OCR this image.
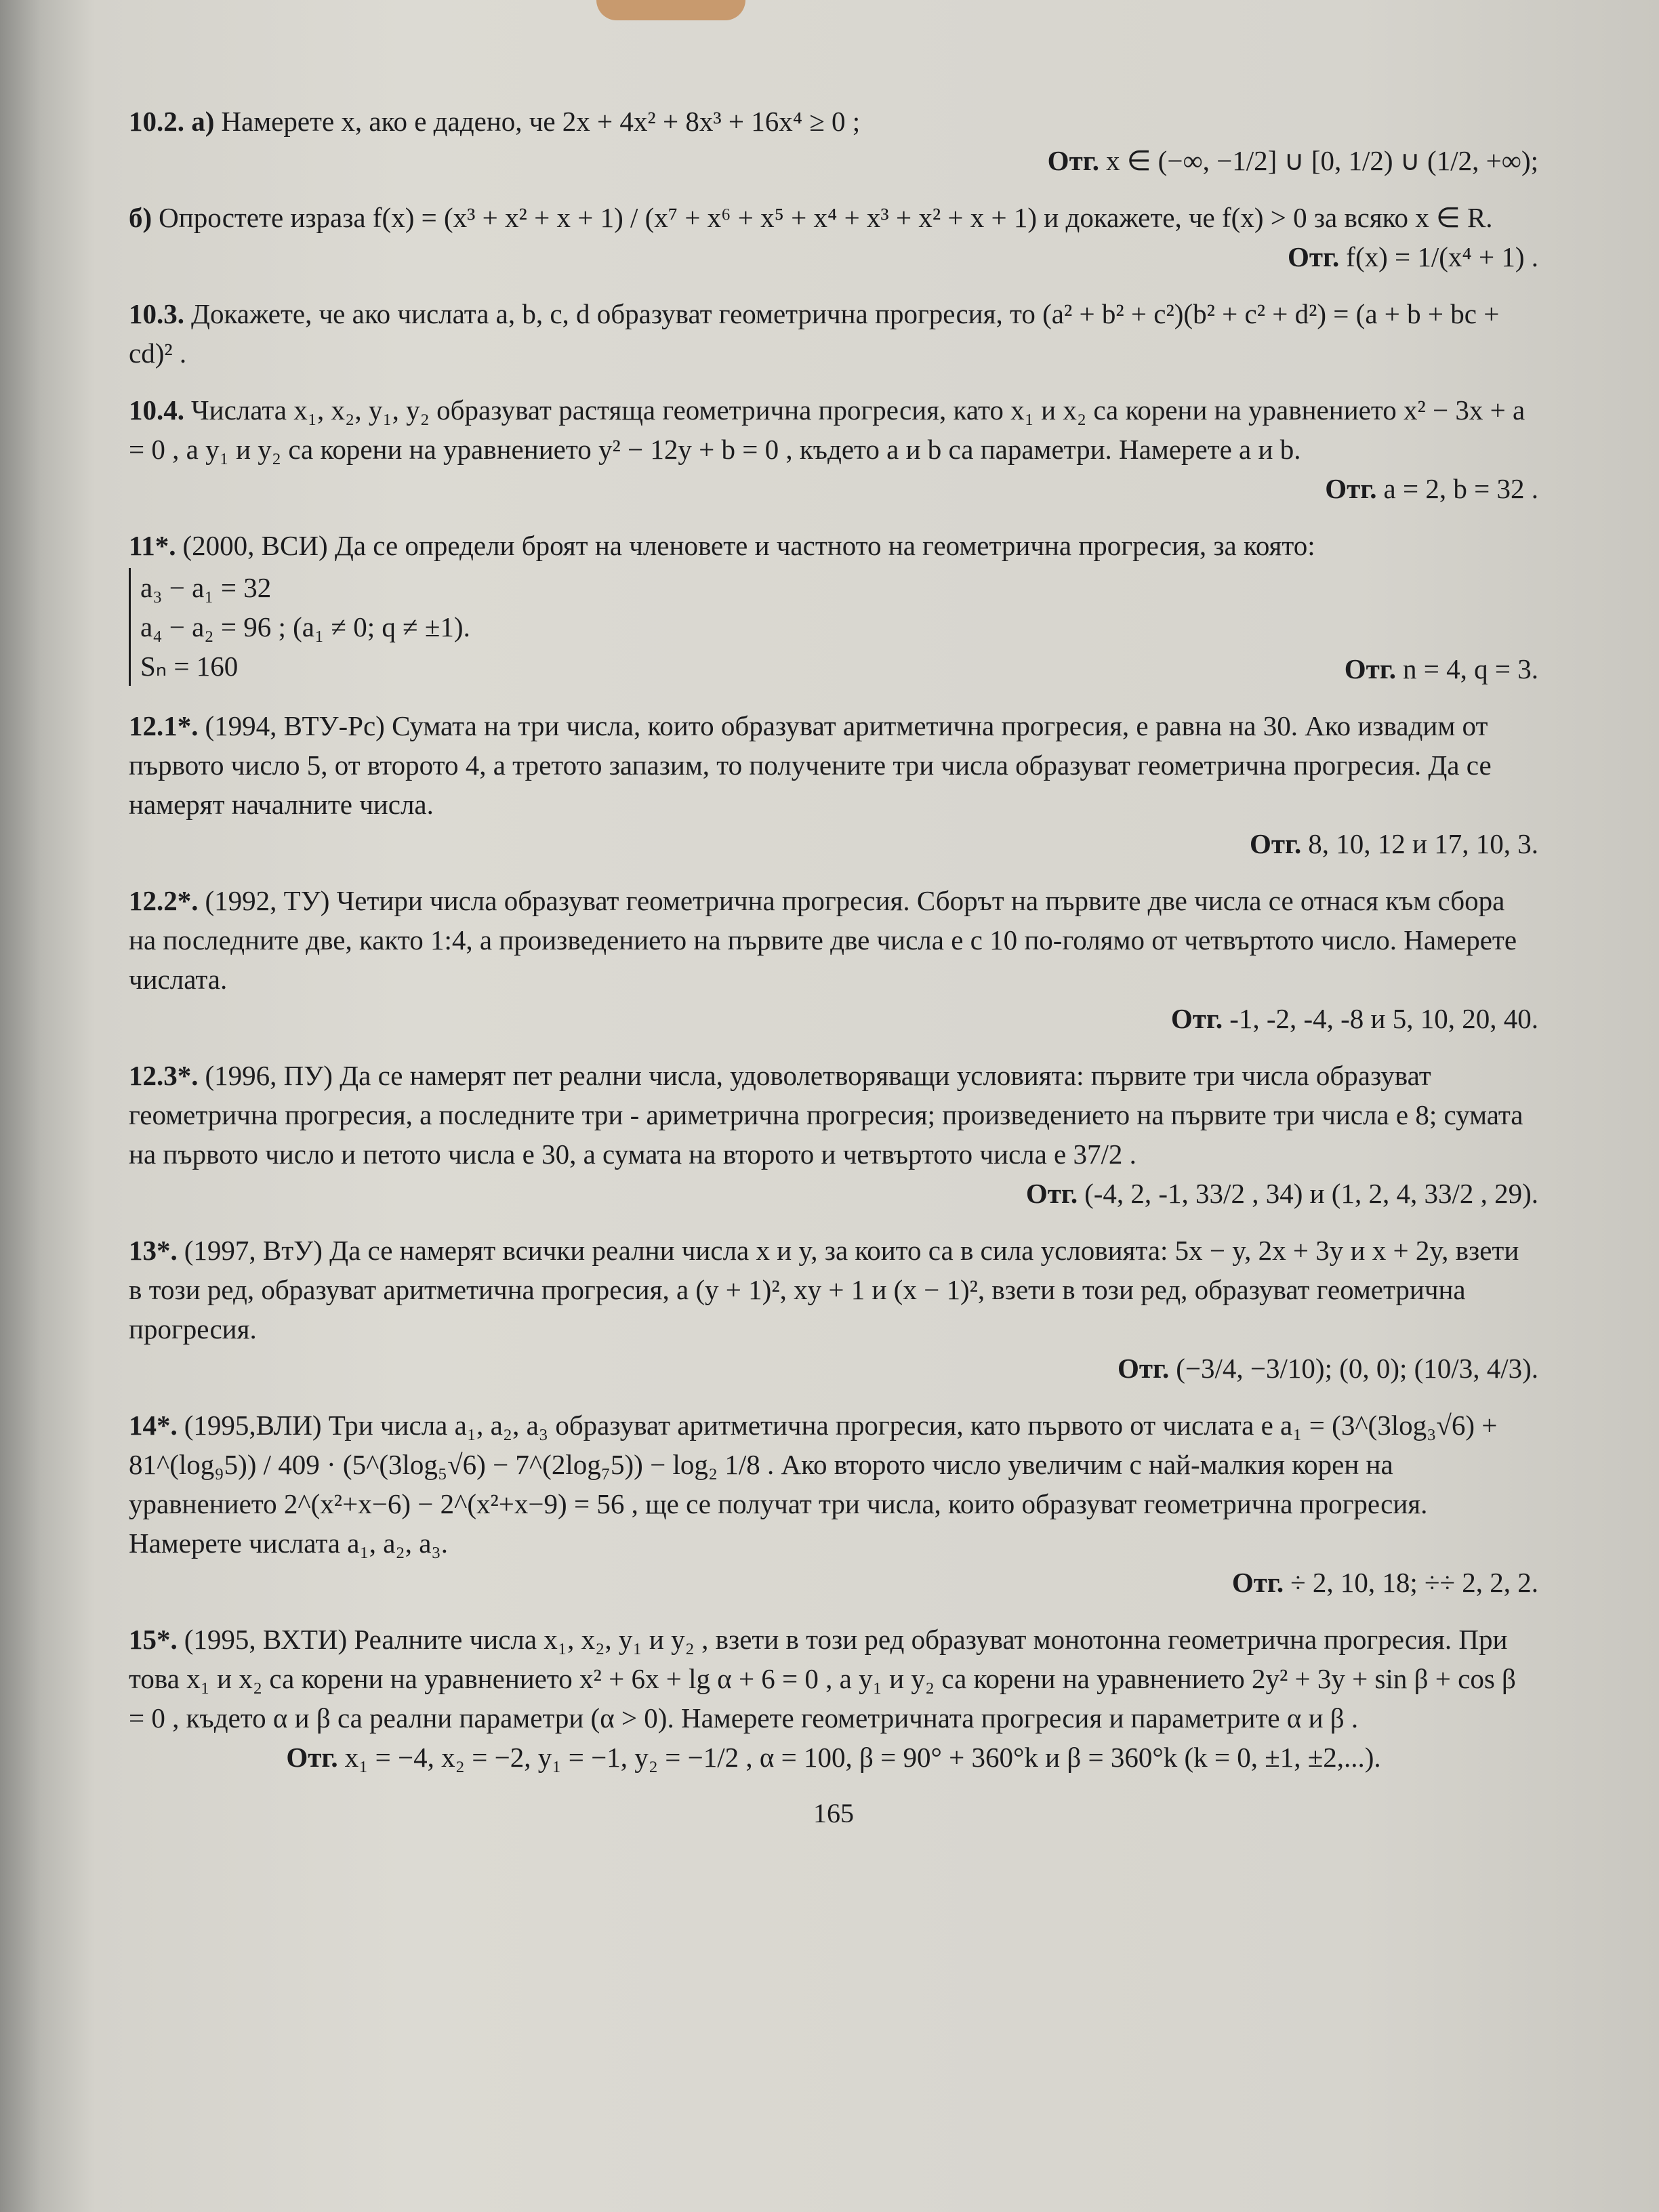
10.2. а) Намерете x, ако е дадено, че 2x + 4x² + 8x³ + 16x⁴ ≥ 0 ;
Отг. x ∈ (−∞, −1/2] ∪ [0, 1/2) ∪ (1/2, +∞);
б) Опростете израза f(x) = (x³ + x² + x + 1) / (x⁷ + x⁶ + x⁵ + x⁴ + x³ + x² + x + 1) и докажете, че f(x) > 0 за всяко x ∈ R.
Отг. f(x) = 1/(x⁴ + 1) .
10.3. Докажете, че ако числата a, b, c, d образуват геометрична прогресия, то (a² + b² + c²)(b² + c² + d²) = (a + b + bc + cd)² .
10.4. Числата x₁, x₂, y₁, y₂ образуват растяща геометрична прогресия, като x₁ и x₂ са корени на уравнението x² − 3x + a = 0 , а y₁ и y₂ са корени на уравнението y² − 12y + b = 0 , където a и b са параметри. Намерете a и b.
Отг. a = 2, b = 32 .
11*. (2000, ВСИ) Да се определи броят на членовете и частното на геометрична прогресия, за която:
a₃ − a₁ = 32
a₄ − a₂ = 96 ; (a₁ ≠ 0; q ≠ ±1).
Sₙ = 160	Отг. n = 4, q = 3.
12.1*. (1994, ВТУ-Рс) Сумата на три числа, които образуват аритметична прогресия, е равна на 30. Ако извадим от първото число 5, от второто 4, а третото запазим, то получените три числа образуват геометрична прогресия. Да се намерят началните числа.
Отг. 8, 10, 12 и 17, 10, 3.
12.2*. (1992, ТУ) Четири числа образуват геометрична прогресия. Сборът на първите две числа се отнася към сбора на последните две, както 1:4, а произведението на първите две числа е с 10 по-голямо от четвъртото число. Намерете числата.
Отг. -1, -2, -4, -8 и 5, 10, 20, 40.
12.3*. (1996, ПУ) Да се намерят пет реални числа, удоволетворяващи условията: първите три числа образуват геометрична прогресия, а последните три - ариметрична прогресия; произведението на първите три числа е 8; сумата на първото число и петото числа е 30, а сумата на второто и четвъртото числа е 37/2 .
Отг. (-4, 2, -1, 33/2 , 34) и (1, 2, 4, 33/2 , 29).
13*. (1997, ВтУ) Да се намерят всички реални числа x и y, за които са в сила условията: 5x − y, 2x + 3y и x + 2y, взети в този ред, образуват аритметична прогресия, а (y + 1)², xy + 1 и (x − 1)², взети в този ред, образуват геометрична прогресия.
Отг. (−3/4, −3/10); (0, 0); (10/3, 4/3).
14*. (1995,ВЛИ) Три числа a₁, a₂, a₃ образуват аритметична прогресия, като първото от числата е a₁ = (3^(3log₃√6) + 81^(log₉5)) / 409 · (5^(3log₅√6) − 7^(2log₇5)) − log₂ 1/8 . Ако второто число увеличим с най-малкия корен на уравнението 2^(x²+x−6) − 2^(x²+x−9) = 56 , ще се получат три числа, които образуват геометрична прогресия. Намерете числата a₁, a₂, a₃.
Отг. ÷ 2, 10, 18; ÷÷ 2, 2, 2.
15*. (1995, ВХТИ) Реалните числа x₁, x₂, y₁ и y₂ , взети в този ред образуват монотонна геометрична прогресия. При това x₁ и x₂ са корени на уравнението x² + 6x + lg α + 6 = 0 , а y₁ и y₂ са корени на уравнението 2y² + 3y + sin β + cos β = 0 , където α и β са реални параметри (α > 0). Намерете геометричната прогресия и параметрите α и β .
Отг. x₁ = −4, x₂ = −2, y₁ = −1, y₂ = −1/2 , α = 100, β = 90° + 360°k и β = 360°k (k = 0, ±1, ±2,...).
165
